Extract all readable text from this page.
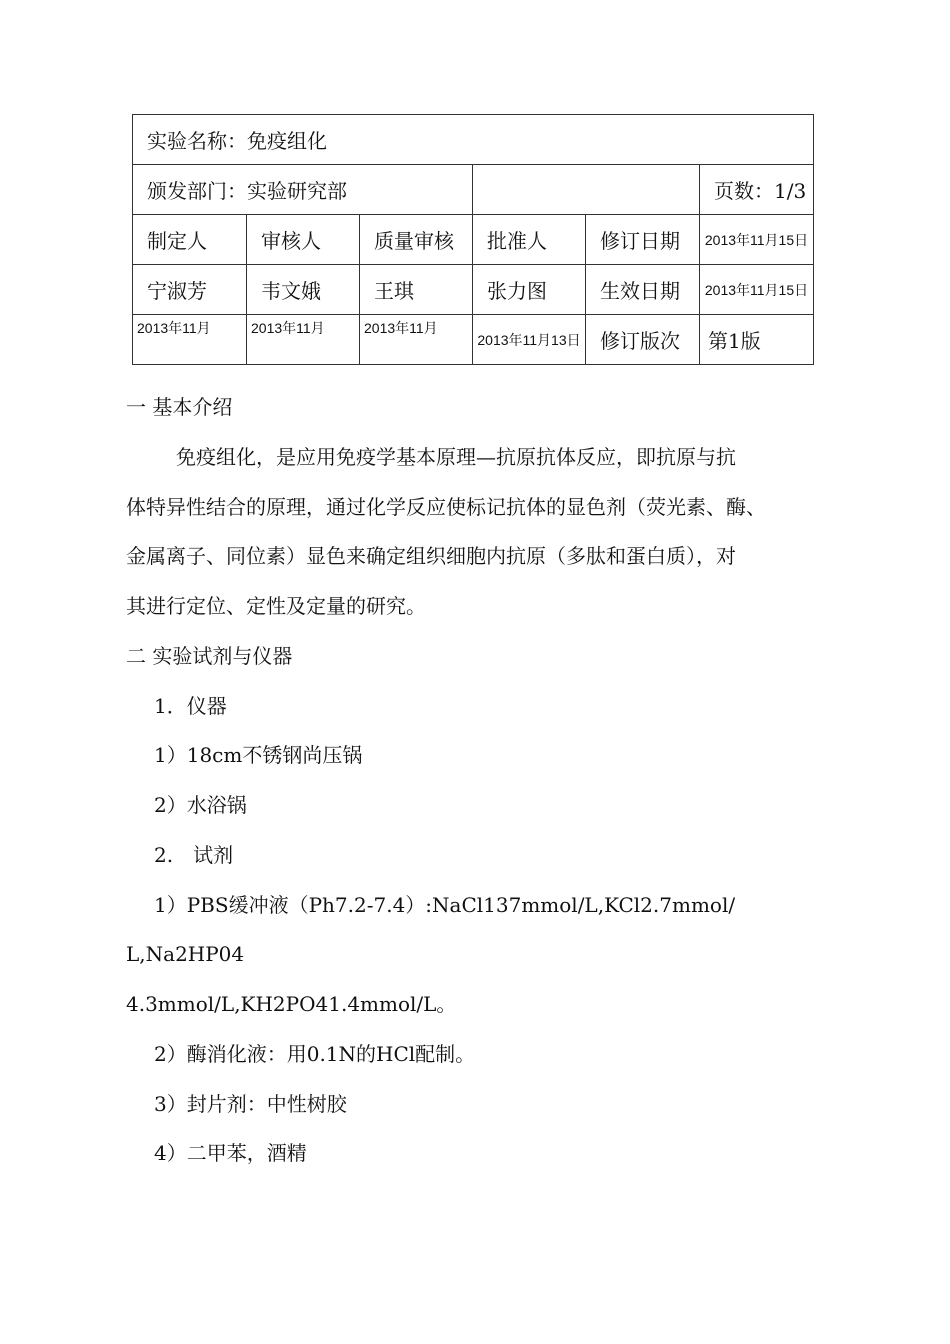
实验名称：免疫组化					
颁发部门：实验研究部					页数：1/3
制定人	审核人	质量审核	批准人	修订日期	2013年11月15日
宁淑芳	韦文娥	王琪	张力图	生效日期	2013年11月15日
2013年11月	2013年11月	2013年11月	2013年11月13日	修订版次	第1版
一 基本介绍
免疫组化，是应用免疫学基本原理—抗原抗体反应，即抗原与抗
体特异性结合的原理，通过化学反应使标记抗体的显色剂（荧光素、酶、
金属离子、同位素）显色来确定组织细胞内抗原（多肽和蛋白质），对
其进行定位、定性及定量的研究。
二 实验试剂与仪器
1．仪器
1）18cm不锈钢尚压锅
2）水浴锅
2.　试剂
1）PBS缓冲液（Ph7.2-7.4）:NaCl137mmol/L,KCl2.7mmol/
L,Na2HP04
4.3mmol/L,KH2PO41.4mmol/L。
2）酶消化液：用0.1N的HCl配制。
3）封片剂：中性树胶
4）二甲苯，酒精
